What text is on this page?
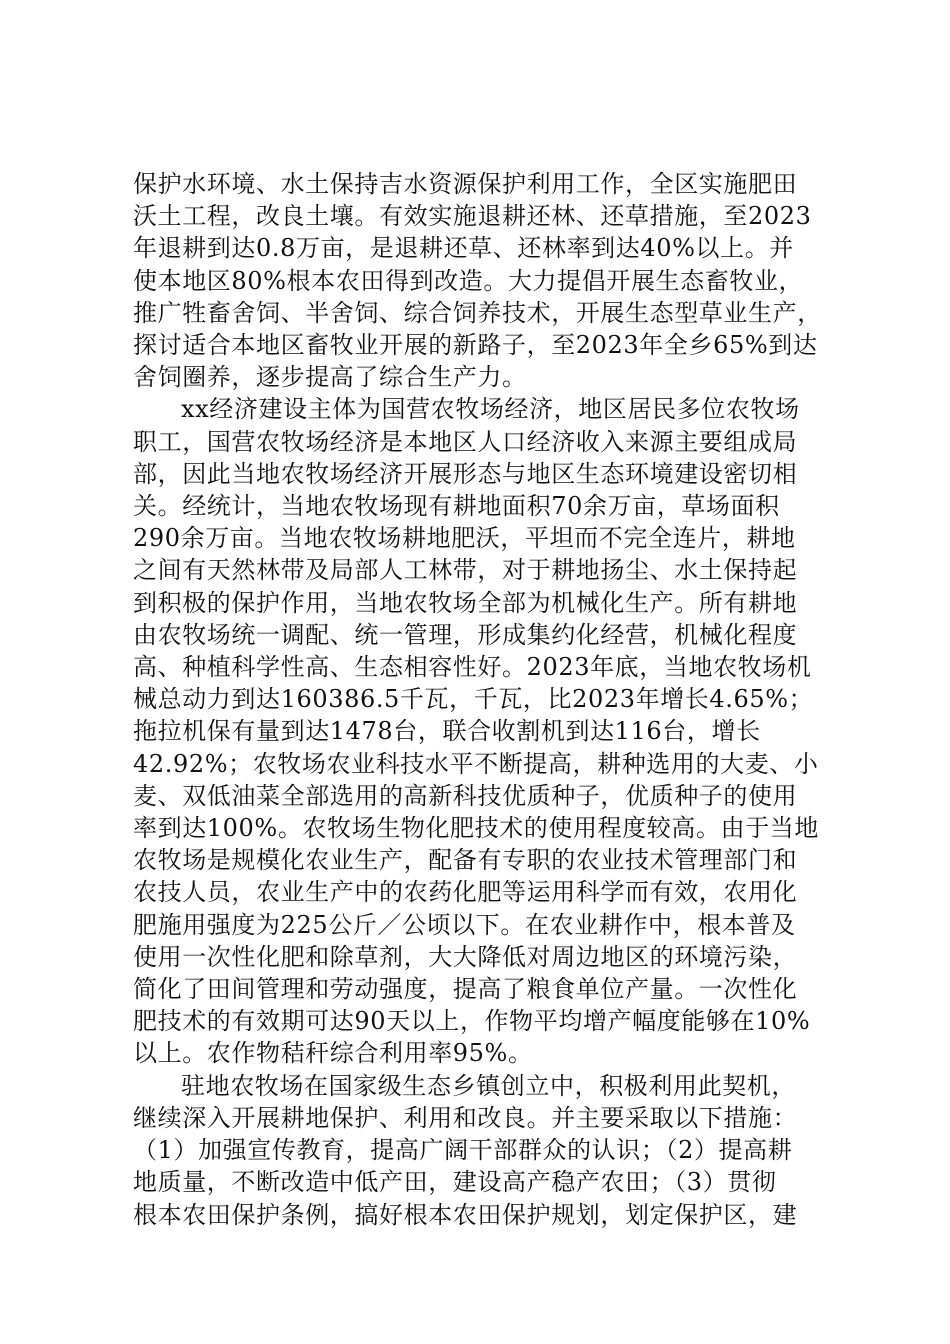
保护水环境、水土保持吉水资源保护利用工作，全区实施肥田
沃土工程，改良土壤。有效实施退耕还林、还草措施，至2023
年退耕到达0.8万亩，是退耕还草、还林率到达40%以上。并
使本地区80%根本农田得到改造。大力提倡开展生态畜牧业，
推广牲畜舍饲、半舍饲、综合饲养技术，开展生态型草业生产，
探讨适合本地区畜牧业开展的新路子，至2023年全乡65%到达
舍饲圈养，逐步提高了综合生产力。

xx经济建设主体为国营农牧场经济，地区居民多位农牧场
职工，国营农牧场经济是本地区人口经济收入来源主要组成局
部，因此当地农牧场经济开展形态与地区生态环境建设密切相
关。经统计，当地农牧场现有耕地面积70余万亩，草场面积
290余万亩。当地农牧场耕地肥沃，平坦而不完全连片，耕地
之间有天然林带及局部人工林带，对于耕地扬尘、水土保持起
到积极的保护作用，当地农牧场全部为机械化生产。所有耕地
由农牧场统一调配、统一管理，形成集约化经营，机械化程度
高、种植科学性高、生态相容性好。2023年底，当地农牧场机
械总动力到达160386.5千瓦，千瓦，比2023年增长4.65%；
拖拉机保有量到达1478台，联合收割机到达116台，增长
42.92%；农牧场农业科技水平不断提高，耕种选用的大麦、小
麦、双低油菜全部选用的高新科技优质种子，优质种子的使用
率到达100%。农牧场生物化肥技术的使用程度较高。由于当地
农牧场是规模化农业生产，配备有专职的农业技术管理部门和
农技人员，农业生产中的农药化肥等运用科学而有效，农用化
肥施用强度为225公斤／公顷以下。在农业耕作中，根本普及
使用一次性化肥和除草剂，大大降低对周边地区的环境污染，
简化了田间管理和劳动强度，提高了粮食单位产量。一次性化
肥技术的有效期可达90天以上，作物平均增产幅度能够在10%
以上。农作物秸秆综合利用率95%。

驻地农牧场在国家级生态乡镇创立中，积极利用此契机，
继续深入开展耕地保护、利用和改良。并主要采取以下措施：
（1）加强宣传教育，提高广阔干部群众的认识；（2）提高耕
地质量，不断改造中低产田，建设高产稳产农田；（3）贯彻
根本农田保护条例，搞好根本农田保护规划，划定保护区，建
